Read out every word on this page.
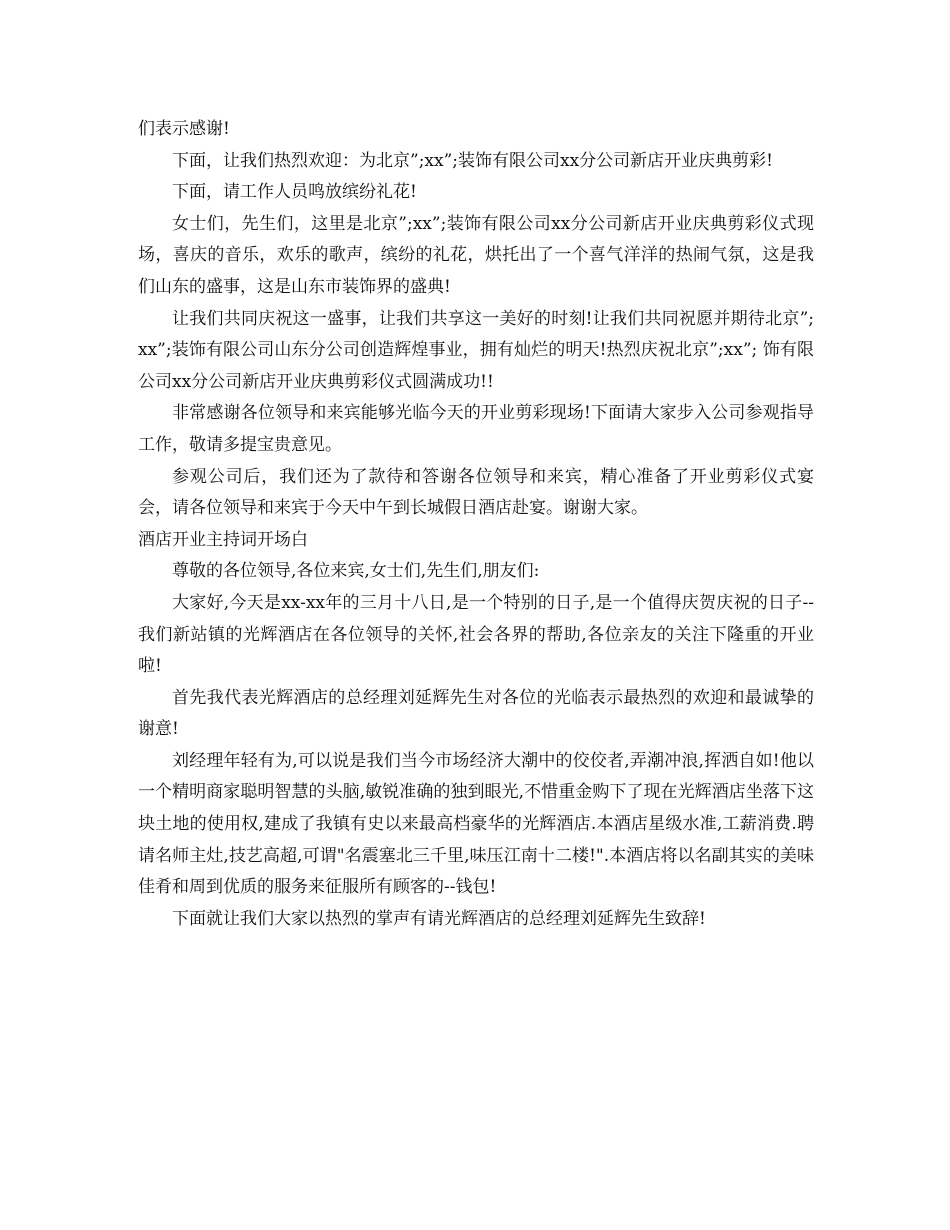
们表示感谢!

下面，让我们热烈欢迎：为北京”;xx”;装饰有限公司xx分公司新店开业庆典剪彩!

下面，请工作人员鸣放缤纷礼花!

女士们，先生们，这里是北京”;xx”;装饰有限公司xx分公司新店开业庆典剪彩仪式现场，喜庆的音乐，欢乐的歌声，缤纷的礼花，烘托出了一个喜气洋洋的热闹气氛，这是我们山东的盛事，这是山东市装饰界的盛典!

让我们共同庆祝这一盛事，让我们共享这一美好的时刻!让我们共同祝愿并期待北京”;xx”;装饰有限公司山东分公司创造辉煌事业，拥有灿烂的明天!热烈庆祝北京”;xx”; 饰有限公司xx分公司新店开业庆典剪彩仪式圆满成功!!

非常感谢各位领导和来宾能够光临今天的开业剪彩现场!下面请大家步入公司参观指导工作，敬请多提宝贵意见。

参观公司后，我们还为了款待和答谢各位领导和来宾，精心准备了开业剪彩仪式宴会，请各位领导和来宾于今天中午到长城假日酒店赴宴。谢谢大家。

酒店开业主持词开场白

尊敬的各位领导,各位来宾,女士们,先生们,朋友们:

大家好,今天是xx-xx年的三月十八日,是一个特别的日子,是一个值得庆贺庆祝的日子--我们新站镇的光辉酒店在各位领导的关怀,社会各界的帮助,各位亲友的关注下隆重的开业啦!

首先我代表光辉酒店的总经理刘延辉先生对各位的光临表示最热烈的欢迎和最诚挚的谢意!

刘经理年轻有为,可以说是我们当今市场经济大潮中的佼佼者,弄潮冲浪,挥洒自如!他以一个精明商家聪明智慧的头脑,敏锐准确的独到眼光,不惜重金购下了现在光辉酒店坐落下这块土地的使用权,建成了我镇有史以来最高档豪华的光辉酒店.本酒店星级水准,工薪消费.聘请名师主灶,技艺高超,可谓"名震塞北三千里,味压江南十二楼!".本酒店将以名副其实的美味佳肴和周到优质的服务来征服所有顾客的--钱包!

下面就让我们大家以热烈的掌声有请光辉酒店的总经理刘延辉先生致辞!
